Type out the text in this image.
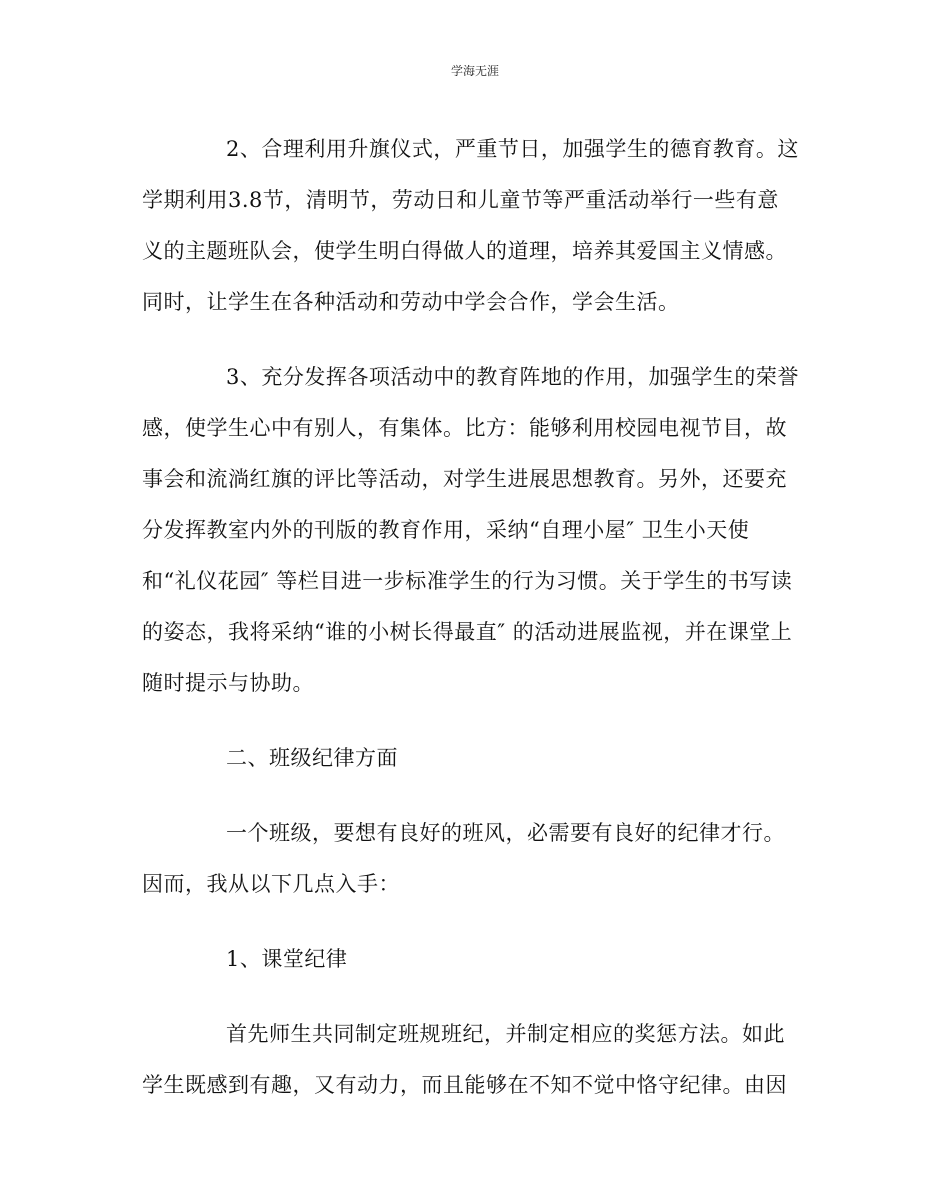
学海无涯

2、合理利用升旗仪式，严重节日，加强学生的德育教育。这
学期利用3.8节，清明节，劳动日和儿童节等严重活动举行一些有意
义的主题班队会，使学生明白得做人的道理，培养其爱国主义情感。
同时，让学生在各种活动和劳动中学会合作，学会生活。

3、充分发挥各项活动中的教育阵地的作用，加强学生的荣誉
感，使学生心中有别人，有集体。比方：能够利用校园电视节目，故
事会和流淌红旗的评比等活动，对学生进展思想教育。另外，还要充
分发挥教室内外的刊版的教育作用，采纳“自理小屋″ 卫生小天使
和“礼仪花园″ 等栏目进一步标准学生的行为习惯。关于学生的书写读
的姿态，我将采纳“谁的小树长得最直″ 的活动进展监视，并在课堂上
随时提示与协助。

二、班级纪律方面

一个班级，要想有良好的班风，必需要有良好的纪律才行。
因而，我从以下几点入手：

1、课堂纪律

首先师生共同制定班规班纪，并制定相应的奖惩方法。如此
学生既感到有趣，又有动力，而且能够在不知不觉中恪守纪律。由因
